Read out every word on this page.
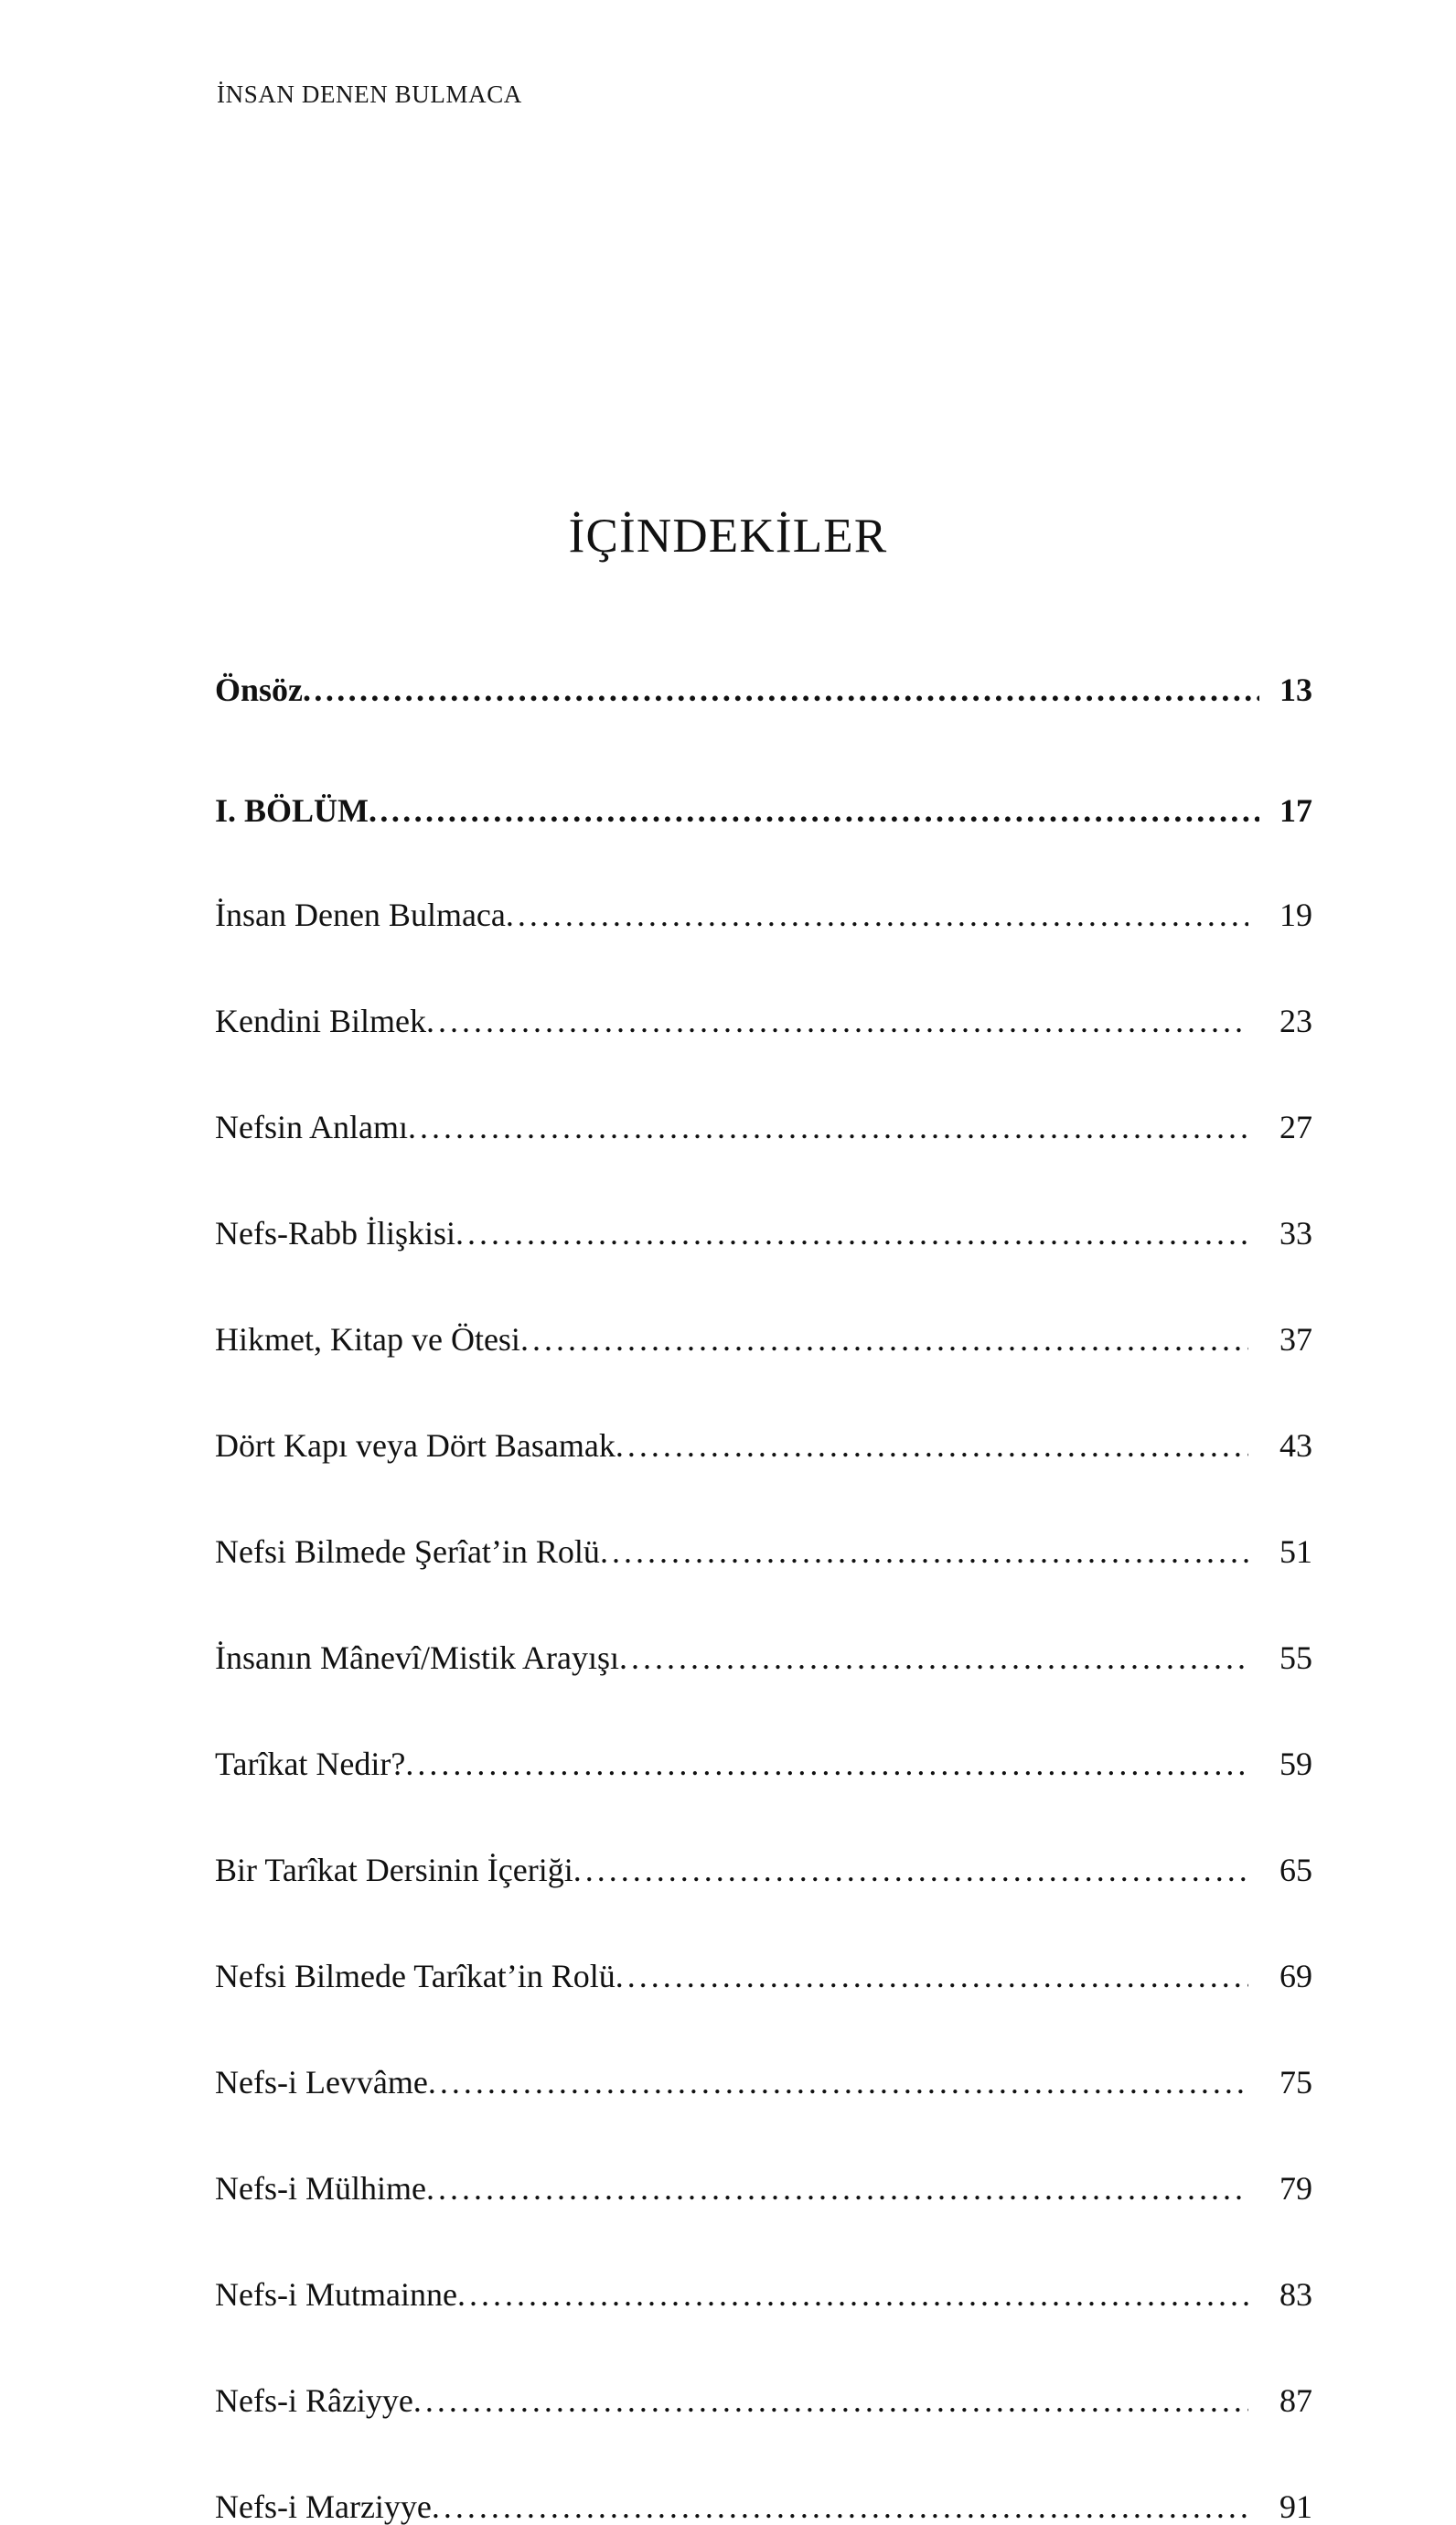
İNSAN DENEN BULMACA
İÇİNDEKİLER
Önsöz .....	13
I. BÖLÜM .....	17
İnsan Denen Bulmaca .....	19
Kendini Bilmek .....	23
Nefsin Anlamı .....	27
Nefs-Rabb İlişkisi .....	33
Hikmet, Kitap ve Ötesi .....	37
Dört Kapı veya Dört Basamak .....	43
Nefsi Bilmede Şerîat’in Rolü .....	51
İnsanın Mânevî/Mistik Arayışı .....	55
Tarîkat Nedir? .....	59
Bir Tarîkat Dersinin İçeriği .....	65
Nefsi Bilmede Tarîkat’in Rolü .....	69
Nefs-i Levvâme .....	75
Nefs-i Mülhime .....	79
Nefs-i Mutmainne .....	83
Nefs-i Râziyye .....	87
Nefs-i Marziyye .....	91
